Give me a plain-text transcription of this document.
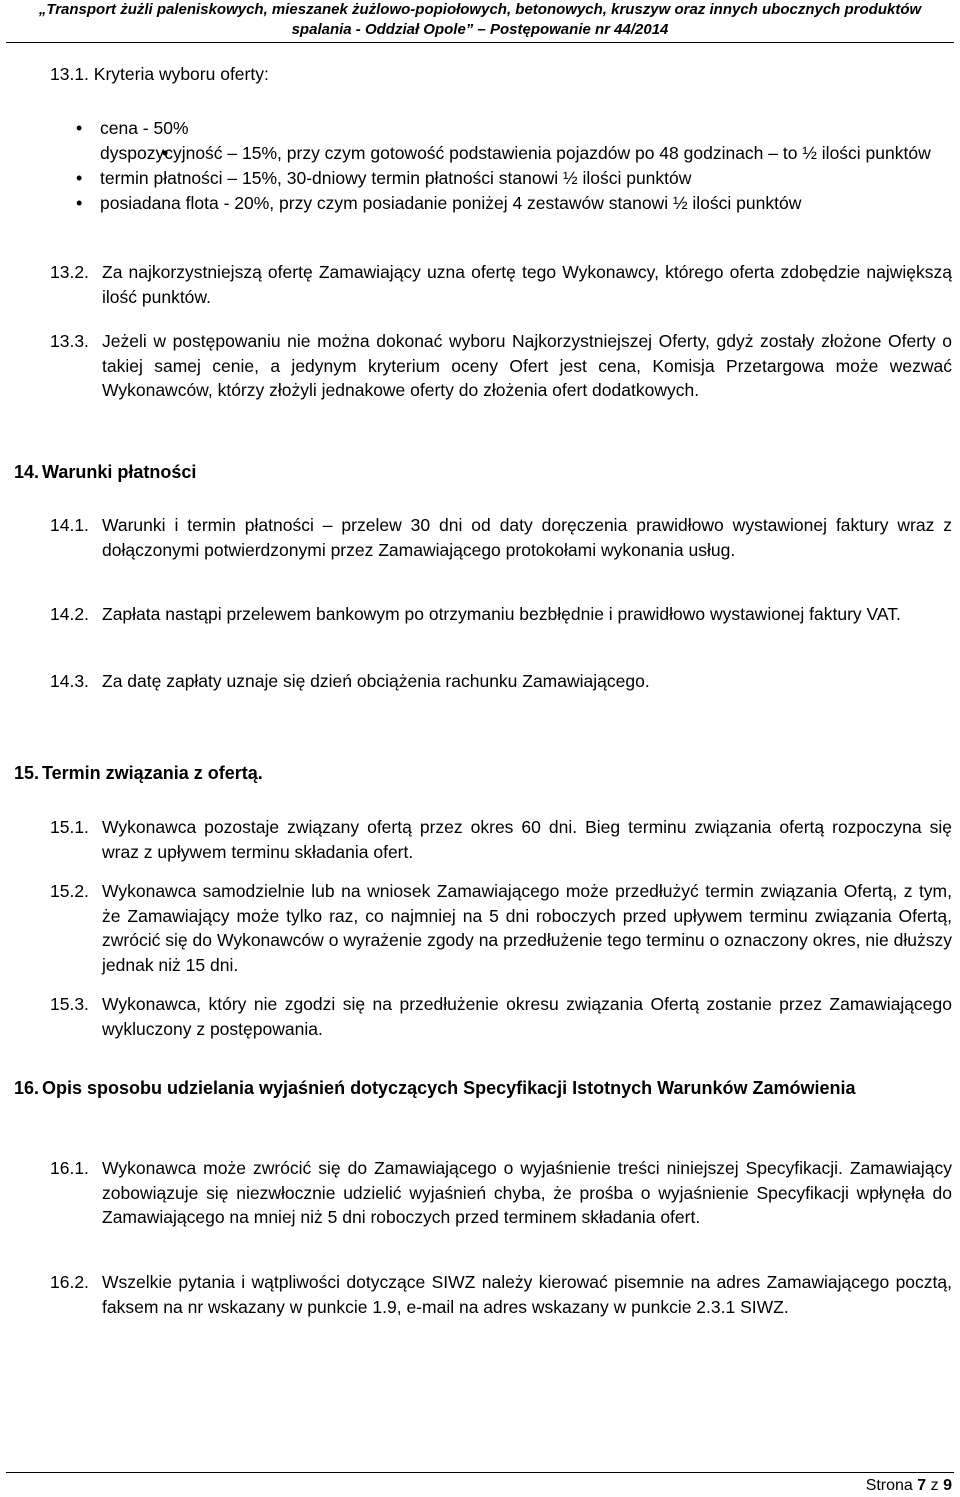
„Transport żużli paleniskowych, mieszanek żużlowo-popiołowych, betonowych, kruszyw oraz innych ubocznych produktów
spalania - Oddział Opole” – Postępowanie nr 44/2014

13.1. Kryteria wyboru oferty:

• cena - 50%
• dyspozycyjność – 15%, przy czym gotowość podstawienia pojazdów po 48 godzinach – to ½ ilości punktów
• termin płatności – 15%, 30-dniowy termin płatności stanowi ½ ilości punktów
• posiadana flota - 20%, przy czym posiadanie poniżej 4 zestawów stanowi ½ ilości punktów
13.2. Za najkorzystniejszą ofertę Zamawiający uzna ofertę tego Wykonawcy, którego oferta zdobędzie największą ilość punktów.
13.3. Jeżeli w postępowaniu nie można dokonać wyboru Najkorzystniejszej Oferty, gdyż zostały złożone Oferty o takiej samej cenie, a jedynym kryterium oceny Ofert jest cena, Komisja Przetargowa może wezwać Wykonawców, którzy złożyli jednakowe oferty do złożenia ofert dodatkowych.
14. Warunki płatności
14.1. Warunki i termin płatności – przelew 30 dni od daty doręczenia prawidłowo wystawionej faktury wraz z dołączonymi potwierdzonymi przez Zamawiającego protokołami wykonania usług.
14.2. Zapłata nastąpi przelewem bankowym po otrzymaniu bezbłędnie i prawidłowo wystawionej faktury VAT.
14.3. Za datę zapłaty uznaje się dzień obciążenia rachunku Zamawiającego.
15. Termin związania z ofertą.
15.1. Wykonawca pozostaje związany ofertą przez okres 60 dni. Bieg terminu związania ofertą rozpoczyna się wraz z upływem terminu składania ofert.
15.2. Wykonawca samodzielnie lub na wniosek Zamawiającego może przedłużyć termin związania Ofertą, z tym, że Zamawiający może tylko raz, co najmniej na 5 dni roboczych przed upływem terminu związania Ofertą, zwrócić się do Wykonawców o wyrażenie zgody na przedłużenie tego terminu o oznaczony okres, nie dłuższy jednak niż 15 dni.
15.3. Wykonawca, który nie zgodzi się na przedłużenie okresu związania Ofertą zostanie przez Zamawiającego wykluczony z postępowania.
16. Opis sposobu udzielania wyjaśnień dotyczących Specyfikacji Istotnych Warunków Zamówienia
16.1. Wykonawca może zwrócić się do Zamawiającego o wyjaśnienie treści niniejszej Specyfikacji. Zamawiający zobowiązuje się niezwłocznie udzielić wyjaśnień chyba, że prośba o wyjaśnienie Specyfikacji wpłynęła do Zamawiającego na mniej niż 5 dni roboczych przed terminem składania ofert.
16.2. Wszelkie pytania i wątpliwości dotyczące SIWZ należy kierować pisemnie na adres Zamawiającego pocztą, faksem na nr wskazany w punkcie 1.9, e-mail na adres wskazany w punkcie 2.3.1 SIWZ.
Strona 7 z 9
